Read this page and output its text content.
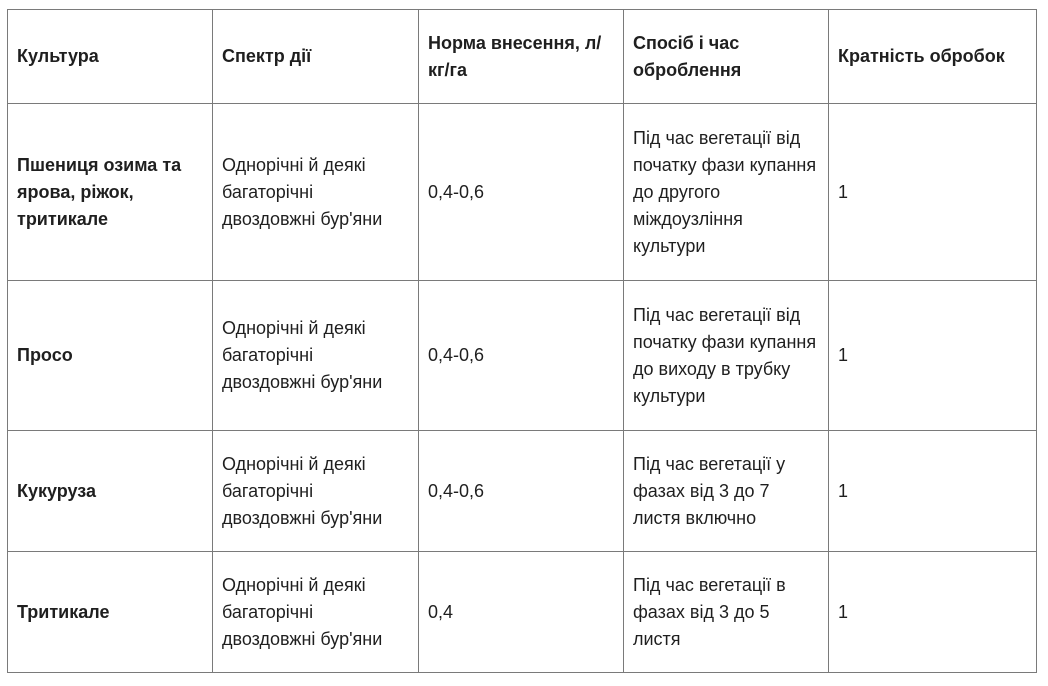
Культура	Спектр дії	Норма внесення, л/кг/га	Спосіб і час оброблення	Кратність обробок
Пшениця озима та ярова, ріжок, тритикале	Однорічні й деякі багаторічні двоздовжні бур'яни	0,4-0,6	Під час вегетації від початку фази купання до другого міждоузління культури	1
Просо	Однорічні й деякі багаторічні двоздовжні бур'яни	0,4-0,6	Під час вегетації від початку фази купання до виходу в трубку культури	1
Кукуруза	Однорічні й деякі багаторічні двоздовжні бур'яни	0,4-0,6	Під час вегетації у фазах від 3 до 7 листя включно	1
Тритикале	Однорічні й деякі багаторічні двоздовжні бур'яни	0,4	Під час вегетації в фазах від 3 до 5 листя	1
